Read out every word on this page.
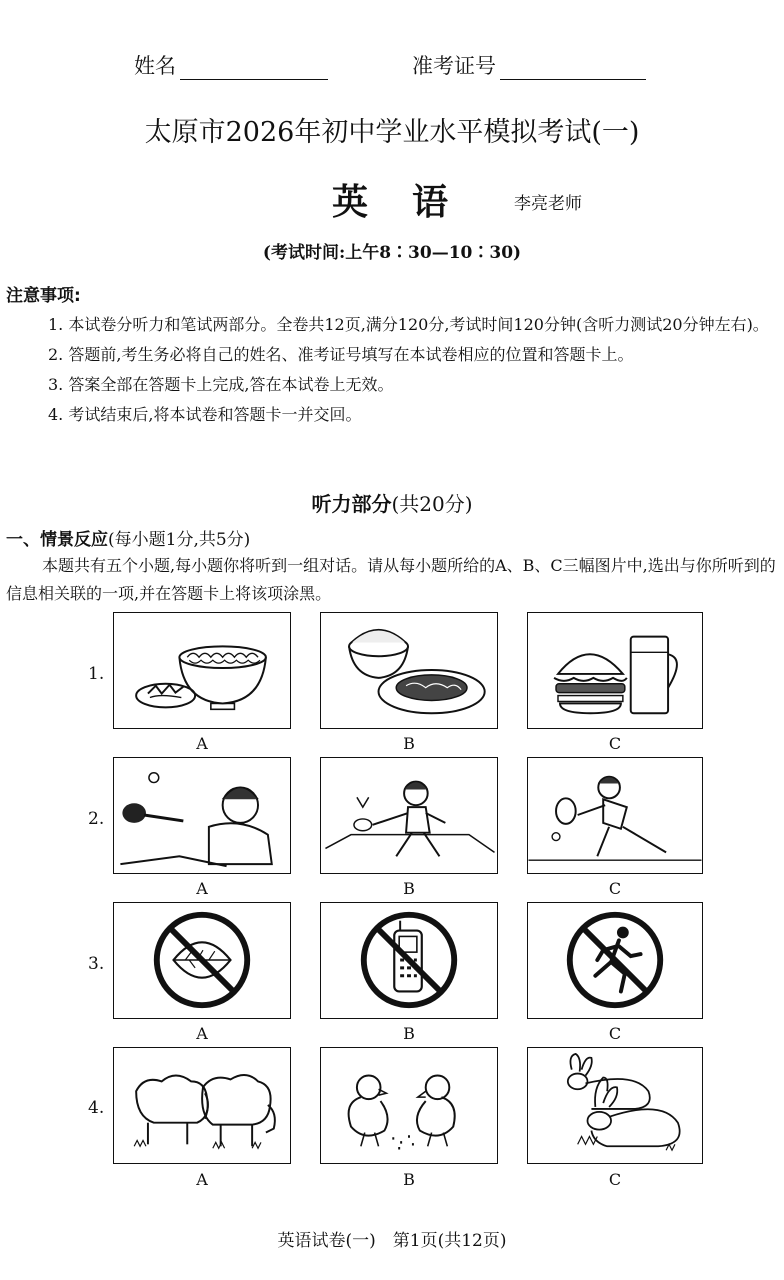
姓名	准考证号
太原市2026年初中学业水平模拟考试(一)
英　语	李亮老师
(考试时间:上午8∶30—10∶30)
注意事项:

1. 本试卷分听力和笔试两部分。全卷共12页,满分120分,考试时间120分钟(含听力测试20分钟左右)。

2. 答题前,考生务必将自己的姓名、准考证号填写在本试卷相应的位置和答题卡上。

3. 答案全部在答题卡上完成,答在本试卷上无效。

4. 考试结束后,将本试卷和答题卡一并交回。

听力部分(共20分)
一、情景反应(每小题1分,共5分)

本题共有五个小题,每小题你将听到一组对话。请从每小题所给的A、B、C三幅图片中,选出与你所听到的信息相关联的一项,并在答题卡上将该项涂黑。

1.
2.
3.
4.
A	B	C
A	B	C
A	B	C
A	B	C
英语试卷(一)　第1页(共12页)
